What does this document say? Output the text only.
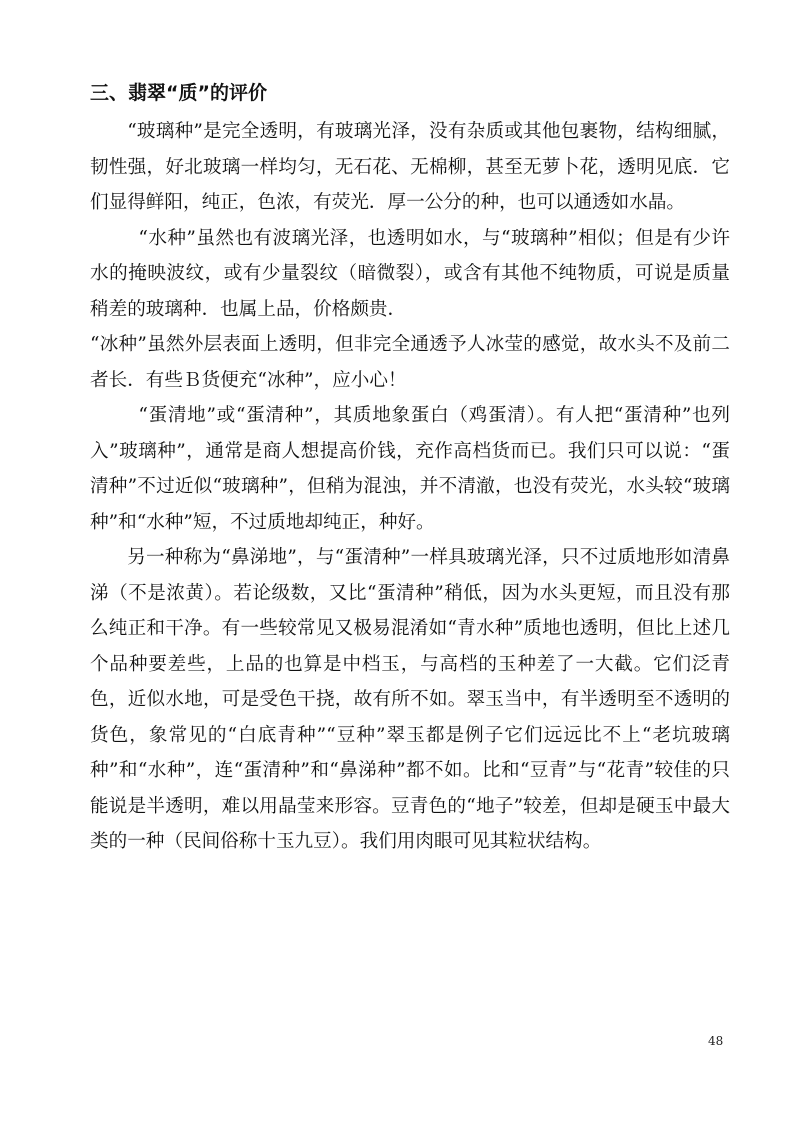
三、翡翠“质”的评价

“玻璃种”是完全透明，有玻璃光泽，没有杂质或其他包裹物，结构细腻，韧性强，好北玻璃一样均匀，无石花、无棉柳，甚至无萝卜花，透明见底．它们显得鲜阳，纯正，色浓，有荧光．厚一公分的种，也可以通透如水晶。

“水种”虽然也有波璃光泽，也透明如水，与“玻璃种”相似；但是有少许水的掩映波纹，或有少量裂纹（暗微裂），或含有其他不纯物质，可说是质量稍差的玻璃种．也属上品，价格颇贵．

“冰种”虽然外层表面上透明，但非完全通透予人冰莹的感觉，故水头不及前二者长．有些Ｂ货便充“冰种”，应小心！

“蛋清地”或“蛋清种”，其质地象蛋白（鸡蛋清）。有人把“蛋清种”也列入”玻璃种”，通常是商人想提高价钱，充作高档货而已。我们只可以说：“蛋清种”不过近似“玻璃种”，但稍为混浊，并不清澈，也没有荧光，水头较“玻璃种”和“水种”短，不过质地却纯正，种好。

另一种称为“鼻涕地”，与“蛋清种”一样具玻璃光泽，只不过质地形如清鼻涕（不是浓黄）。若论级数，又比“蛋清种”稍低，因为水头更短，而且没有那么纯正和干净。有一些较常见又极易混淆如“青水种”质地也透明，但比上述几个品种要差些，上品的也算是中档玉，与高档的玉种差了一大截。它们泛青色，近似水地，可是受色干挠，故有所不如。翠玉当中，有半透明至不透明的货色，象常见的“白底青种”“豆种”翠玉都是例子它们远远比不上“老坑玻璃种”和“水种”，连“蛋清种”和“鼻涕种”都不如。比和“豆青”与“花青”较佳的只能说是半透明，难以用晶莹来形容。豆青色的“地子”较差，但却是硬玉中最大类的一种（民间俗称十玉九豆）。我们用肉眼可见其粒状结构。

48
